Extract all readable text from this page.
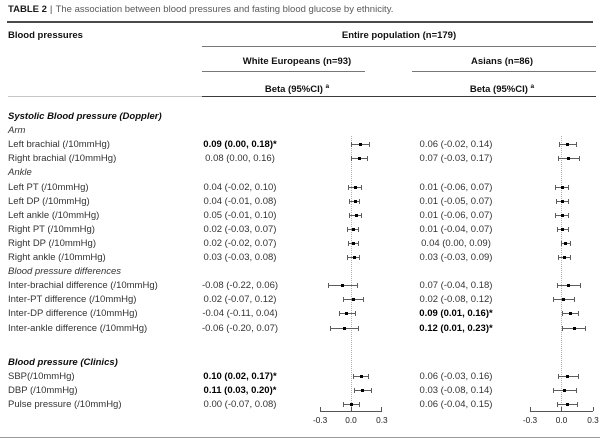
TABLE 2 | The association between blood pressures and fasting blood glucose by ethnicity.
Blood pressures	Entire population (n=179)
White Europeans (n=93)	Asians (n=86)
Beta (95%CI) $^a$	Beta (95%CI) $^a$
Systolic Blood pressure (Doppler)
Arm
Left brachial (/10mmHg)	0.09 (0.00, 0.18)*	0.06 (-0.02, 0.14)
Right brachial (/10mmHg)	0.08 (0.00, 0.16)	0.07 (-0.03, 0.17)
Ankle
Left PT (/10mmHg)	0.04 (-0.02, 0.10)	0.01 (-0.06, 0.07)
Left DP (/10mmHg)	0.04 (-0.01, 0.08)	0.01 (-0.05, 0.07)
Left ankle (/10mmHg)	0.05 (-0.01, 0.10)	0.01 (-0.06, 0.07)
Right PT (/10mmHg)	0.02 (-0.03, 0.07)	0.01 (-0.04, 0.07)
Right DP (/10mmHg)	0.02 (-0.02, 0.07)	0.04 (0.00, 0.09)
Right ankle (/10mmHg)	0.03 (-0.03, 0.08)	0.03 (-0.03, 0.09)
Blood pressure differences
Inter-brachial difference (/10mmHg)	-0.08 (-0.22, 0.06)	0.07 (-0.04, 0.18)
Inter-PT difference (/10mmHg)	0.02 (-0.07, 0.12)	0.02 (-0.08, 0.12)
Inter-DP difference (/10mmHg)	-0.04 (-0.11, 0.04)	0.09 (0.01, 0.16)*
Inter-ankle difference (/10mmHg)	-0.06 (-0.20, 0.07)	0.12 (0.01, 0.23)*
Blood pressure (Clinics)
SBP(/10mmHg)	0.10 (0.02, 0.17)*	0.06 (-0.03, 0.16)
DBP (/10mmHg)	0.11 (0.03, 0.20)*	0.03 (-0.08, 0.14)
Pulse pressure (/10mmHg)	0.00 (-0.07, 0.08)	0.06 (-0.04, 0.15)
-0.3	0.0	0.3	-0.3	0.0	0.3
